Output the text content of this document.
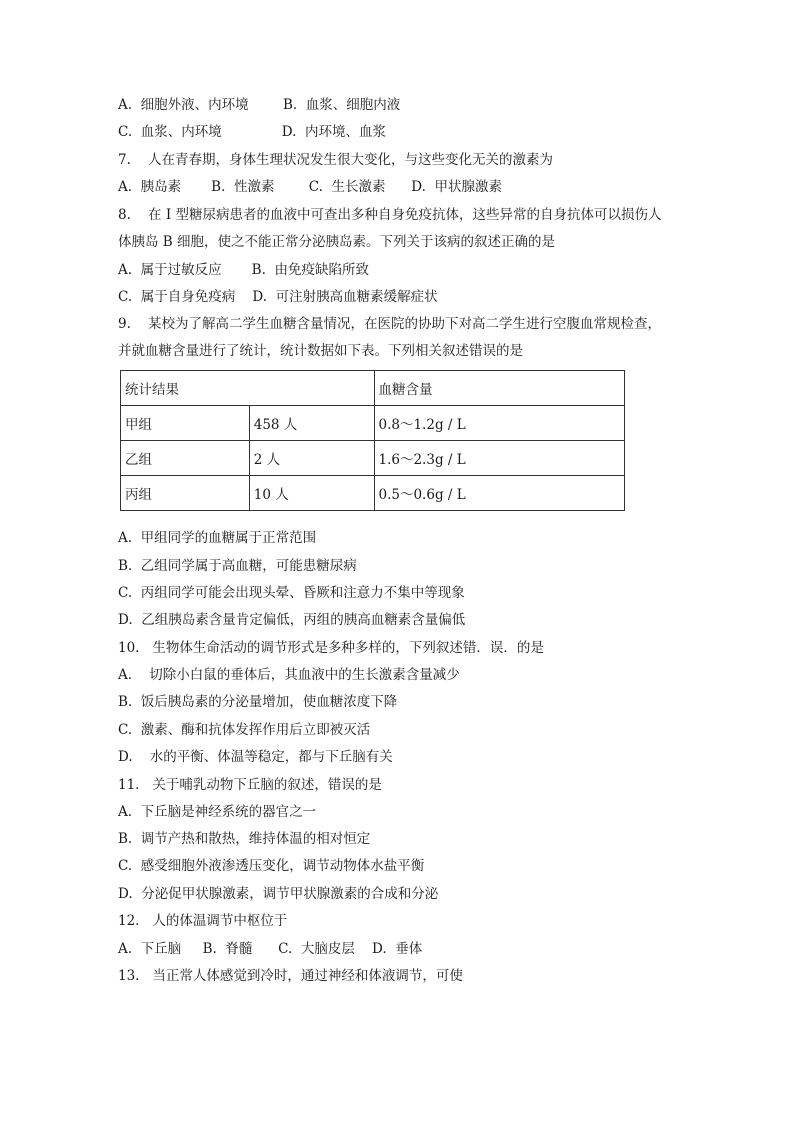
A.  细胞外液、内环境        B.  血浆、细胞内液
C.  血浆、内环境              D.  内环境、血浆
7.    人在青春期，身体生理状况发生很大变化，与这些变化无关的激素为
A.  胰岛素       B.  性激素        C.  生长激素      D.  甲状腺激素
8.    在 I 型糖尿病患者的血液中可查出多种自身免疫抗体，这些异常的自身抗体可以损伤人
体胰岛 B 细胞，使之不能正常分泌胰岛素。下列关于该病的叙述正确的是
A.  属于过敏反应       B.  由免疫缺陷所致
C.  属于自身免疫病    D.  可注射胰高血糖素缓解症状
9.    某校为了解高二学生血糖含量情况，在医院的协助下对高二学生进行空腹血常规检查，
并就血糖含量进行了统计，统计数据如下表。下列相关叙述错误的是
统计结果		血糖含量
甲组	458 人	0.8～1.2g / L
乙组	2 人	1.6～2.3g / L
丙组	10 人	0.5～0.6g / L
A.  甲组同学的血糖属于正常范围
B.  乙组同学属于高血糖，可能患糖尿病
C.  丙组同学可能会出现头晕、昏厥和注意力不集中等现象
D.  乙组胰岛素含量肯定偏低，丙组的胰高血糖素含量偏低
10.   生物体生命活动的调节形式是多种多样的，下列叙述错．误．的是
A.    切除小白鼠的垂体后，其血液中的生长激素含量减少
B.  饭后胰岛素的分泌量增加，使血糖浓度下降
C.  激素、酶和抗体发挥作用后立即被灭活
D.    水的平衡、体温等稳定，都与下丘脑有关
11.   关于哺乳动物下丘脑的叙述，错误的是
A.  下丘脑是神经系统的器官之一
B.  调节产热和散热，维持体温的相对恒定
C.  感受细胞外液渗透压变化，调节动物体水盐平衡
D.  分泌促甲状腺激素，调节甲状腺激素的合成和分泌
12.   人的体温调节中枢位于
A.  下丘脑     B.  脊髓      C.  大脑皮层    D.  垂体
13.   当正常人体感觉到冷时，通过神经和体液调节，可使
